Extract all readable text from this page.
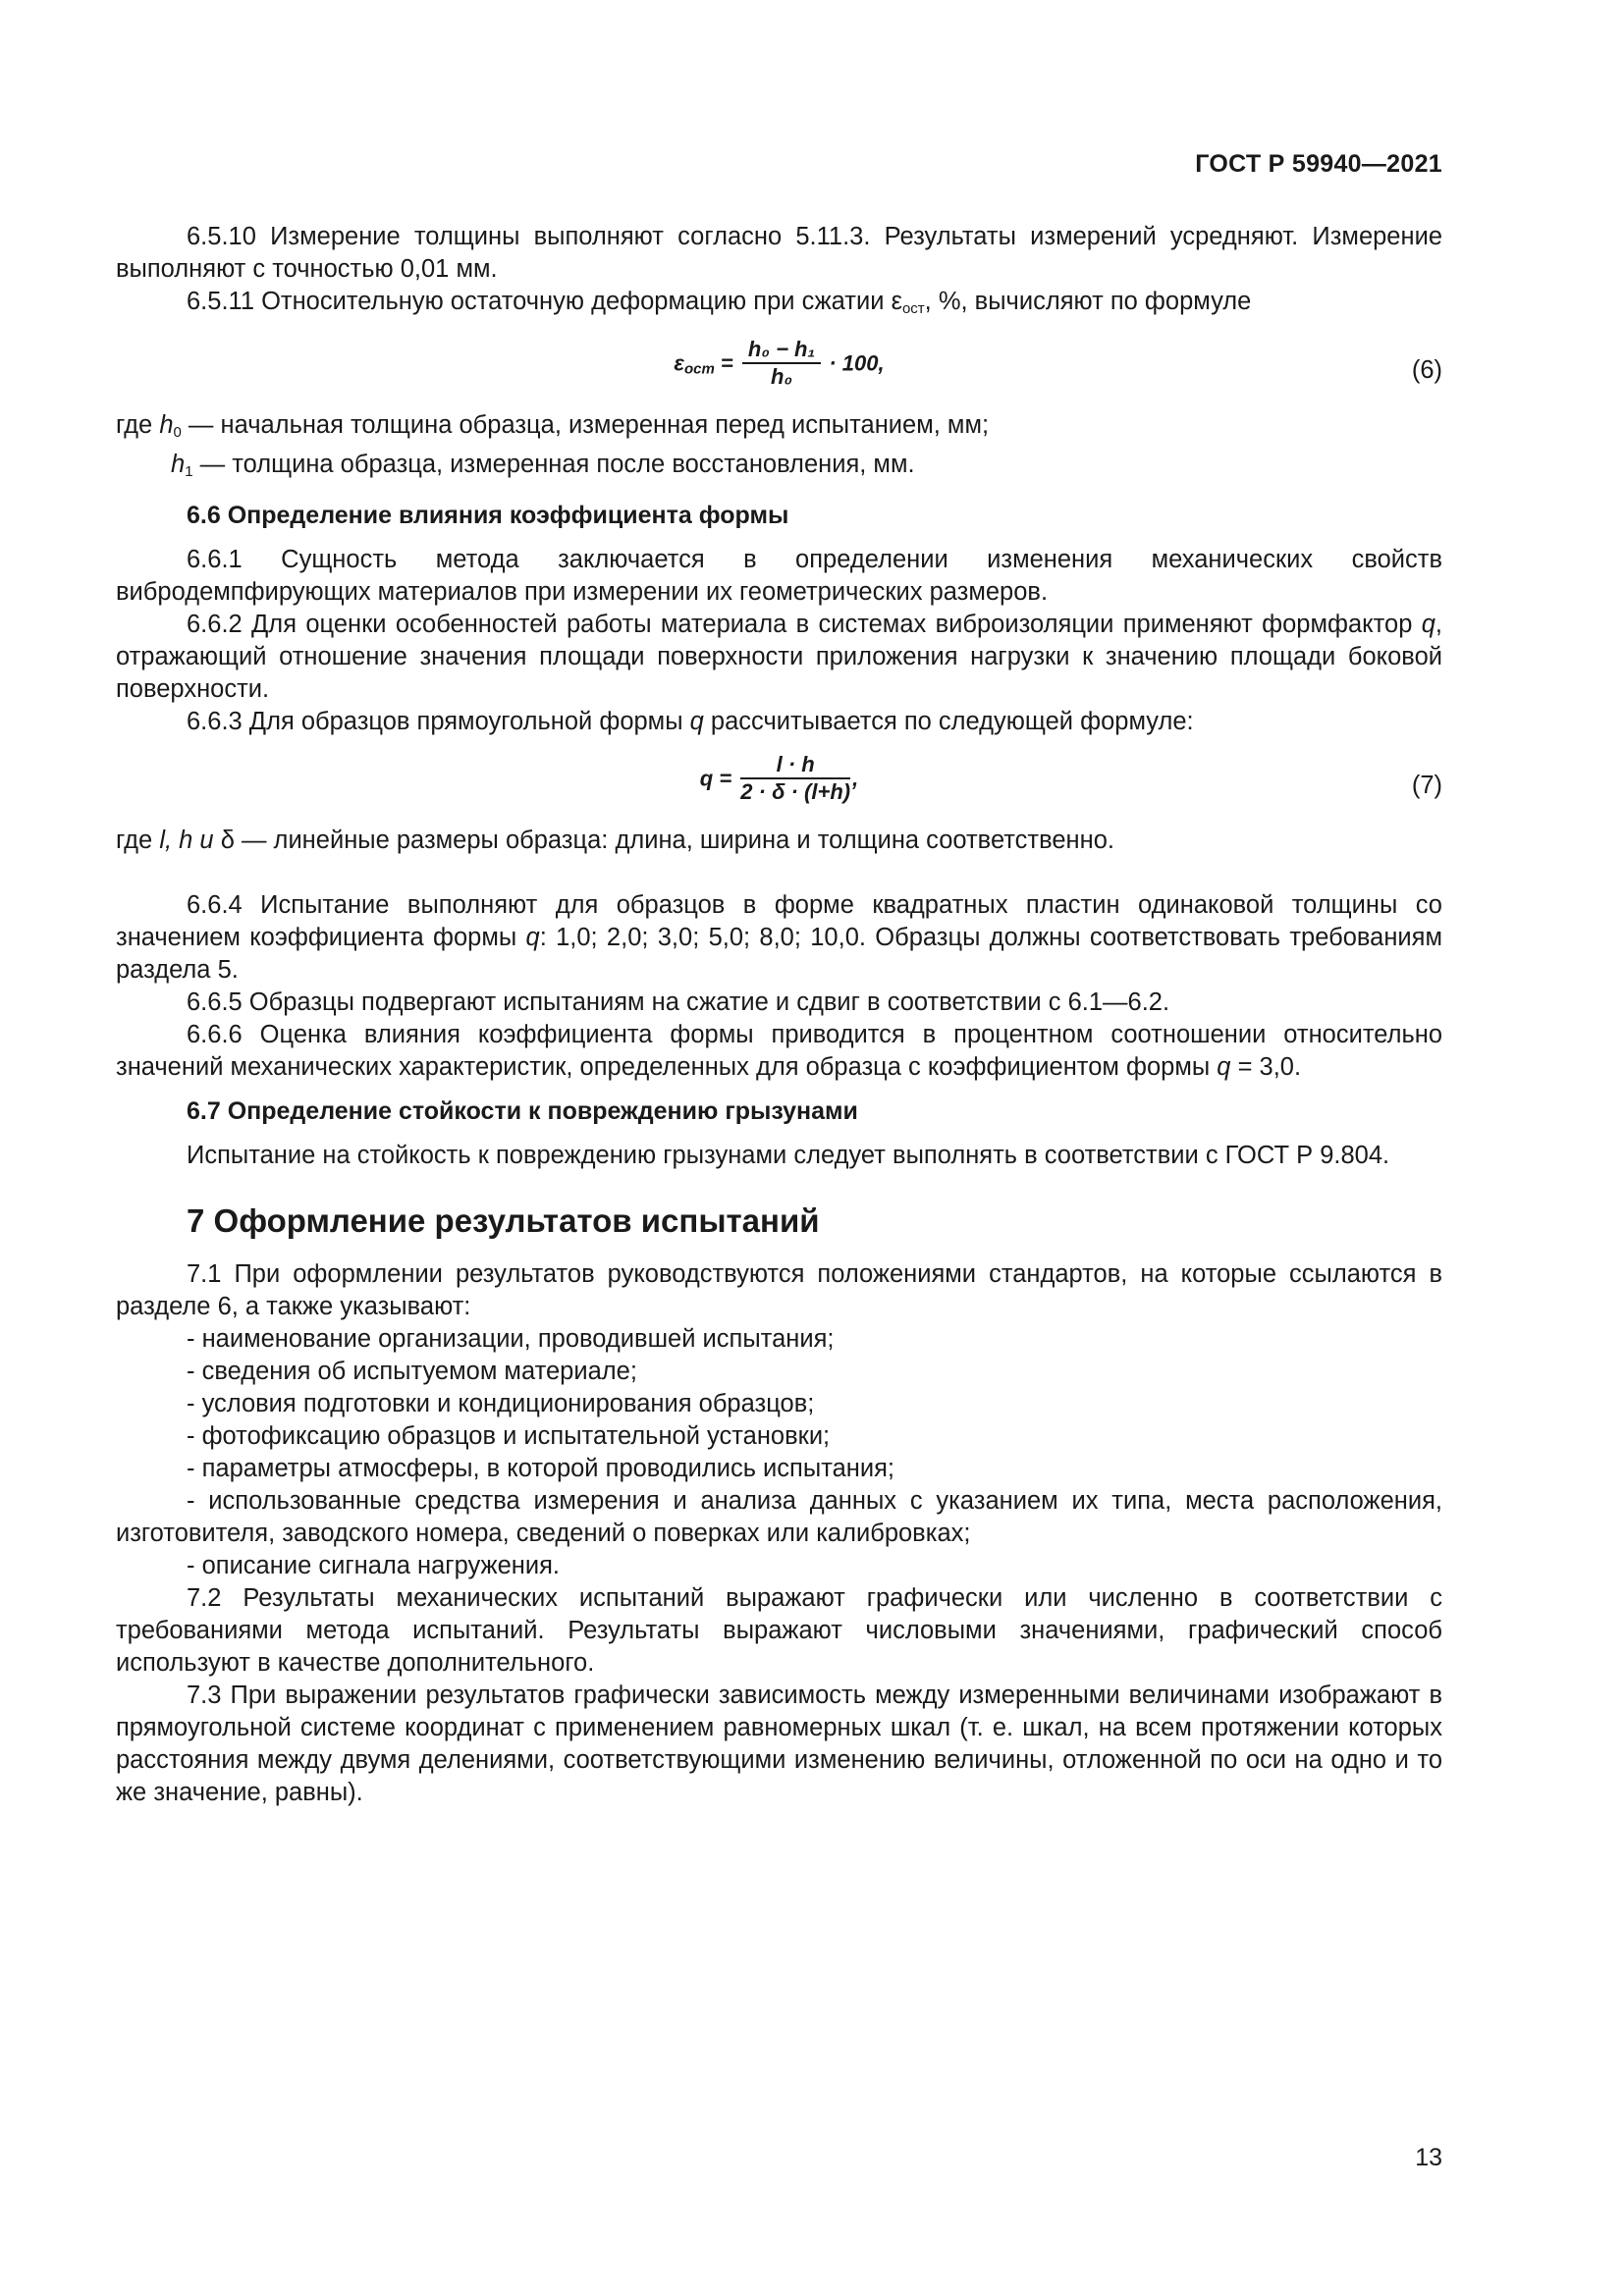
ГОСТ Р 59940—2021

6.5.10 Измерение толщины выполняют согласно 5.11.3. Результаты измерений усредняют. Измерение выполняют с точностью 0,01 мм.

6.5.11 Относительную остаточную деформацию при сжатии $\varepsilon_{ост}$, %, вычисляют по формуле

$\varepsilon_{ост} = \frac{\text{h₀ − h₁}}{\text{h₀}} \cdot 100$,	(6)

где $h_0$ — начальная толщина образца, измеренная перед испытанием, мм;

$h_1$ — толщина образца, измеренная после восстановления, мм.

6.6 Определение влияния коэффициента формы

6.6.1 Сущность метода заключается в определении изменения механических свойств вибродемпфирующих материалов при измерении их геометрических размеров.

6.6.2 Для оценки особенностей работы материала в системах виброизоляции применяют формфактор q, отражающий отношение значения площади поверхности приложения нагрузки к значению площади боковой поверхности.

6.6.3 Для образцов прямоугольной формы q рассчитывается по следующей формуле:

$q = \frac{l \cdot h}{2 \cdot \delta \cdot (l+h)}$ ,	(7)

где l, h и δ — линейные размеры образца: длина, ширина и толщина соответственно.

6.6.4 Испытание выполняют для образцов в форме квадратных пластин одинаковой толщины со значением коэффициента формы q: 1,0; 2,0; 3,0; 5,0; 8,0; 10,0. Образцы должны соответствовать требованиям раздела 5.

6.6.5 Образцы подвергают испытаниям на сжатие и сдвиг в соответствии с 6.1—6.2.

6.6.6 Оценка влияния коэффициента формы приводится в процентном соотношении относительно значений механических характеристик, определенных для образца с коэффициентом формы q = 3,0.

6.7 Определение стойкости к повреждению грызунами

Испытание на стойкость к повреждению грызунами следует выполнять в соответствии с ГОСТ Р 9.804.

7 Оформление результатов испытаний

7.1 При оформлении результатов руководствуются положениями стандартов, на которые ссылаются в разделе 6, а также указывают:

- наименование организации, проводившей испытания;

- сведения об испытуемом материале;

- условия подготовки и кондиционирования образцов;

- фотофиксацию образцов и испытательной установки;

- параметры атмосферы, в которой проводились испытания;

- использованные средства измерения и анализа данных с указанием их типа, места расположения, изготовителя, заводского номера, сведений о поверках или калибровках;

- описание сигнала нагружения.

7.2 Результаты механических испытаний выражают графически или численно в соответствии с требованиями метода испытаний. Результаты выражают числовыми значениями, графический способ используют в качестве дополнительного.

7.3 При выражении результатов графически зависимость между измеренными величинами изображают в прямоугольной системе координат с применением равномерных шкал (т. е. шкал, на всем протяжении которых расстояния между двумя делениями, соответствующими изменению величины, отложенной по оси на одно и то же значение, равны).

13
